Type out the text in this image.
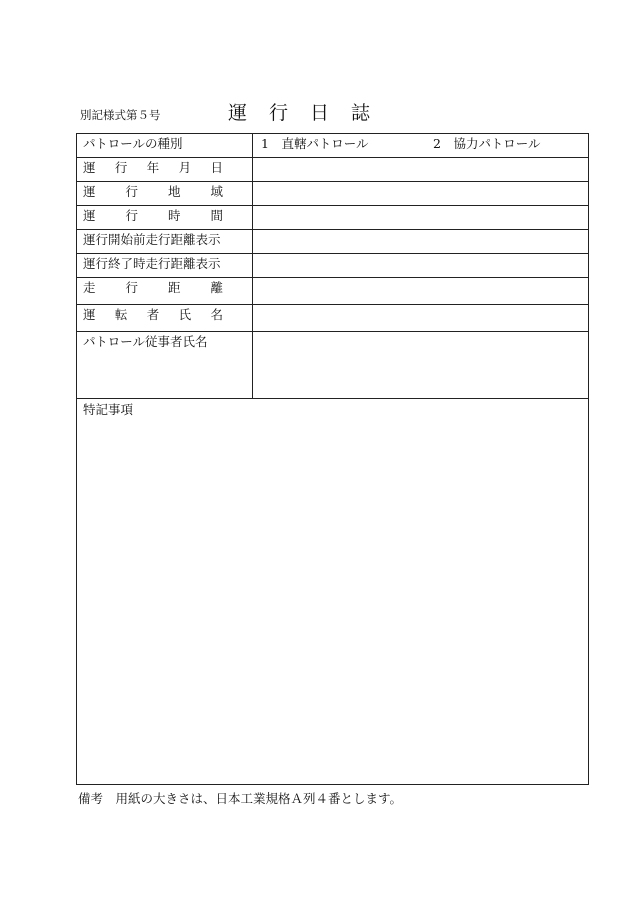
別記様式第５号	運 行 日 誌
パトロールの種別	1　直轄パトロール 2　協力パトロール

運 行 年 月 日	

運 行 地 域	

運 行 時 間	

運行開始前走行距離表示	
運行終了時走行距離表示	

走 行 距 離	

運 転 者 氏 名	

パトロール従事者氏名	
特記事項	
備考　用紙の大きさは、日本工業規格Ａ列４番とします。
